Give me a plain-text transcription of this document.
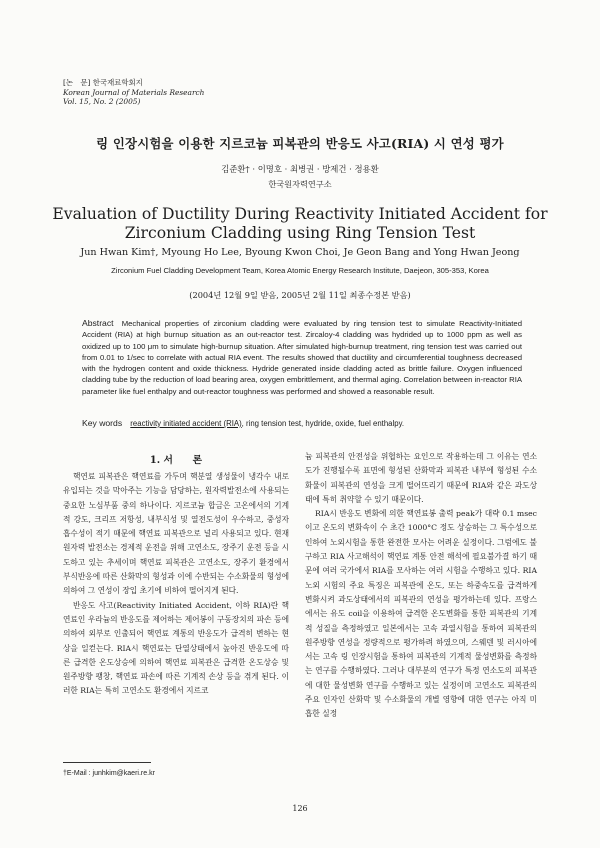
[논　문] 한국재료학회지
Korean Journal of Materials Research
Vol. 15, No. 2 (2005)
링 인장시험을 이용한 지르코늄 피복관의 반응도 사고(RIA) 시 연성 평가
김준환† · 이명호 · 최병권 · 방제건 · 정용환
한국원자력연구소
Evaluation of Ductility During Reactivity Initiated Accident for
Zirconium Cladding using Ring Tension Test
Jun Hwan Kim†, Myoung Ho Lee, Byoung Kwon Choi, Je Geon Bang and Yong Hwan Jeong
Zirconium Fuel Cladding Development Team, Korea Atomic Energy Research Institute, Daejeon, 305-353, Korea
(2004년 12월 9일 받음, 2005년 2월 11일 최종수정본 받음)
Abstract Mechanical properties of zirconium cladding were evaluated by ring tension test to simulate Reactivity-Initiated Accident (RIA) at high burnup situation as an out-reactor test. Zircaloy-4 cladding was hydrided up to 1000 ppm as well as oxidized up to 100 μm to simulate high-burnup situation. After simulated high-burnup treatment, ring tension test was carried out from 0.01 to 1/sec to correlate with actual RIA event. The results showed that ductility and circumferential toughness decreased with the hydrogen content and oxide thickness. Hydride generated inside cladding acted as brittle failure. Oxygen influenced cladding tube by the reduction of load bearing area, oxygen embrittlement, and thermal aging. Correlation between in-reactor RIA parameter like fuel enthalpy and out-reactor toughness was performed and showed a reasonable result.
Key words reactivity initiated accident (RIA), ring tension test, hydride, oxide, fuel enthalpy.
1. 서　　론

핵연료 피복관은 핵연료를 가두며 핵분열 생성물이 냉각수 내로 유입되는 것을 막아주는 기능을 담당하는, 원자력발전소에 사용되는 중요한 노심부품 중의 하나이다. 지르코늄 합금은 고온에서의 기계적 강도, 크리프 저항성, 내부식성 및 열전도성이 우수하고, 중성자 흡수성이 적기 때문에 핵연료 피복관으로 널리 사용되고 있다. 현재 원자력 발전소는 경제적 운전을 위해 고연소도, 장주기 운전 등을 시도하고 있는 추세이며 핵연료 피복관은 고연소도, 장주기 환경에서 부식반응에 따른 산화막의 형성과 이에 수반되는 수소화물의 형성에 의하여 그 연성이 장입 초기에 비하여 떨어지게 된다.

반응도 사고(Reactivity Initiated Accident, 이하 RIA)란 핵연료인 우라늄의 반응도를 제어하는 제어봉이 구동장치의 파손 등에 의하여 외부로 인출되어 핵연료 계통의 반응도가 급격히 변하는 현상을 일컫는다. RIA시 핵연료는 단열상태에서 높아진 반응도에 따른 급격한 온도상승에 의하여 핵연료 피복관은 급격한 온도상승 및 원주방향 팽창, 핵연료 파손에 따른 기계적 손상 등을 겪게 된다. 이러한 RIA는 특히 고연소도 환경에서 지르코

늄 피복관의 안전성을 위협하는 요인으로 작용하는데 그 이유는 연소도가 진행될수록 표면에 형성된 산화막과 피복관 내부에 형성된 수소화물이 피복관의 연성을 크게 떨어뜨리기 때문에 RIA와 같은 과도상태에 특히 취약할 수 있기 때문이다.

RIA시 반응도 변화에 의한 핵연료봉 출력 peak가 대략 0.1 msec이고 온도의 변화속이 수 초간 1000°C 정도 상승하는 그 특수성으로 인하여 노외시험을 통한 완전한 모사는 어려운 실정이다. 그럼에도 불구하고 RIA 사고해석이 핵연료 계통 안전 해석에 필요불가결 하기 때문에 여러 국가에서 RIA를 모사하는 여러 시험을 수행하고 있다. RIA 노외 시험의 주요 특징은 피복관에 온도, 또는 하중속도를 급격하게 변화시켜 과도상태에서의 피복관의 연성을 평가하는데 있다. 프랑스에서는 유도 coil을 이용하여 급격한 온도변화를 통한 피복관의 기계적 성질을 측정하였고 일본에서는 고속 과열시험을 통하여 피복관의 원주방향 연성을 정량적으로 평가하려 하였으며, 스웨덴 및 러시아에서는 고속 링 인장시험을 통하여 피복관의 기계적 물성변화를 측정하는 연구를 수행하였다. 그러나 대부분의 연구가 특정 연소도의 피복관에 대한 물성변화 연구를 수행하고 있는 실정이며 고연소도 피복관의 주요 인자인 산화막 및 수소화물의 개별 영향에 대한 연구는 아직 미흡한 실정

†E-Mail : junhkim@kaeri.re.kr
126
